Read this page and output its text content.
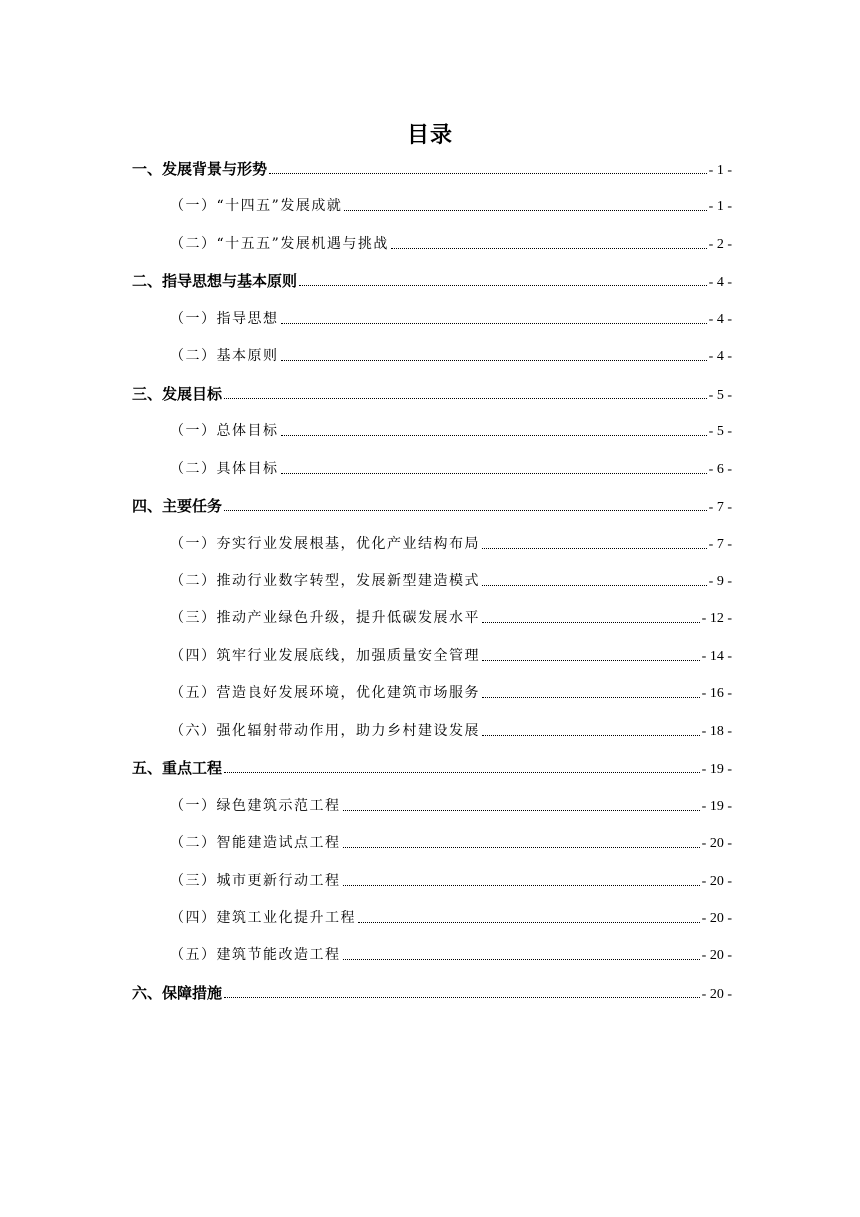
目录
一、发展背景与形势	- 1 -
（一）“十四五”发展成就	- 1 -
（二）“十五五”发展机遇与挑战	- 2 -
二、指导思想与基本原则	- 4 -
（一）指导思想	- 4 -
（二）基本原则	- 4 -
三、发展目标	- 5 -
（一）总体目标	- 5 -
（二）具体目标	- 6 -
四、主要任务	- 7 -
（一）夯实行业发展根基，优化产业结构布局	- 7 -
（二）推动行业数字转型，发展新型建造模式	- 9 -
（三）推动产业绿色升级，提升低碳发展水平	- 12 -
（四）筑牢行业发展底线，加强质量安全管理	- 14 -
（五）营造良好发展环境，优化建筑市场服务	- 16 -
（六）强化辐射带动作用，助力乡村建设发展	- 18 -
五、重点工程	- 19 -
（一）绿色建筑示范工程	- 19 -
（二）智能建造试点工程	- 20 -
（三）城市更新行动工程	- 20 -
（四）建筑工业化提升工程	- 20 -
（五）建筑节能改造工程	- 20 -
六、保障措施	- 20 -
